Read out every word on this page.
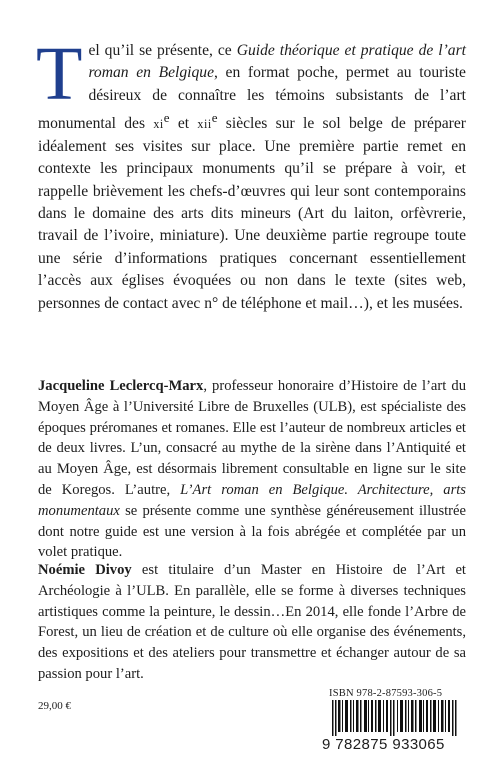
Tel qu’il se présente, ce Guide théorique et pratique de l’art roman en Belgique, en format poche, permet au touriste désireux de connaître les témoins subsistants de l’art monumental des $xi^e$ et xii$^e$ siècles sur le sol belge de préparer idéalement ses visites sur place. Une première partie remet en contexte les principaux monuments qu’il se prépare à voir, et rappelle brièvement les chefs-d’œuvres qui leur sont contemporains dans le domaine des arts dits mineurs (Art du laiton, orfèvrerie, travail de l’ivoire, miniature). Une deuxième partie regroupe toute une série d’informations pratiques concernant essentiellement l’accès aux églises évoquées ou non dans le texte (sites web, personnes de contact avec n° de téléphone et mail…), et les musées.
Jacqueline Leclercq-Marx, professeur honoraire d’Histoire de l’art du Moyen Âge à l’Université Libre de Bruxelles (ULB), est spécialiste des époques préromanes et romanes. Elle est l’auteur de nombreux articles et de deux livres. L’un, consacré au mythe de la sirène dans l’Antiquité et au Moyen Âge, est désormais librement consultable en ligne sur le site de Koregos. L’autre, L’Art roman en Belgique. Architecture, arts monumentaux se présente comme une synthèse généreusement illustrée dont notre guide est une version à la fois abrégée et complétée par un volet pratique.
Noémie Divoy est titulaire d’un Master en Histoire de l’Art et Archéologie à l’ULB. En parallèle, elle se forme à diverses techniques artistiques comme la peinture, le dessin…En 2014, elle fonde l’Arbre de Forest, un lieu de création et de culture où elle organise des événements, des expositions et des ateliers pour transmettre et échanger autour de sa passion pour l’art.
29,00 €
ISBN 978-2-87593-306-5
9 782875 933065
